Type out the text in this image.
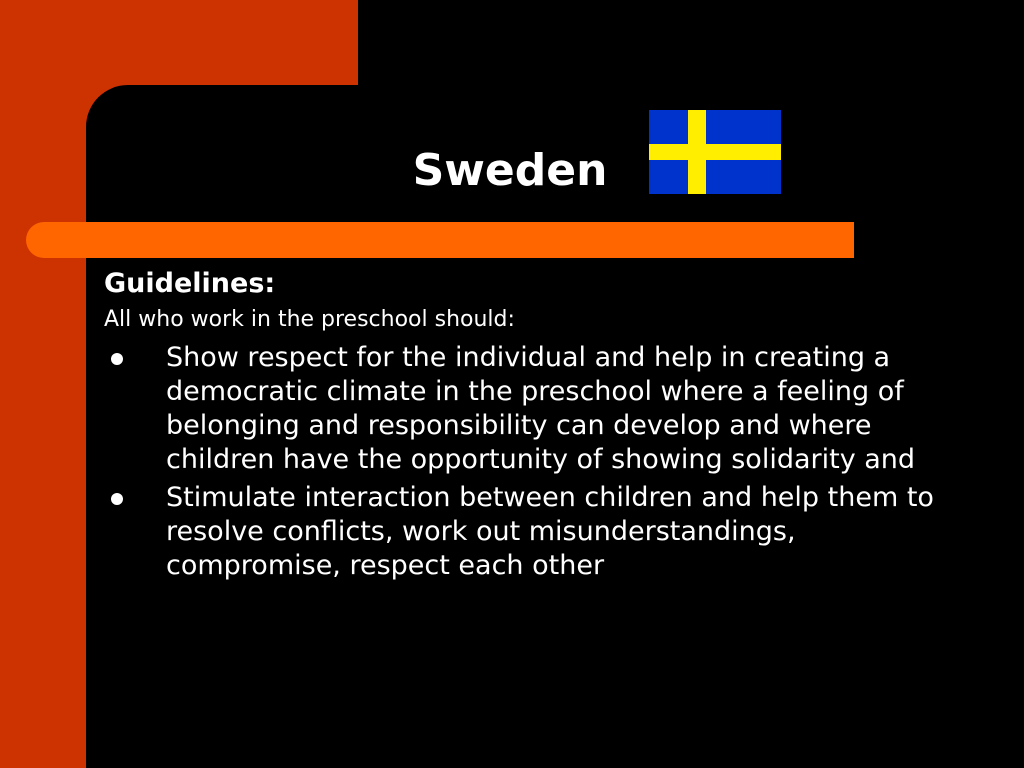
Sweden

Guidelines:

All who work in the preschool should:

Show respect for the individual and help in creating a democratic climate in the preschool where a feeling of belonging and responsibility can develop and where children have the opportunity of showing solidarity and
Stimulate interaction between children and help them to resolve conflicts, work out misunderstandings, compromise, respect each other
